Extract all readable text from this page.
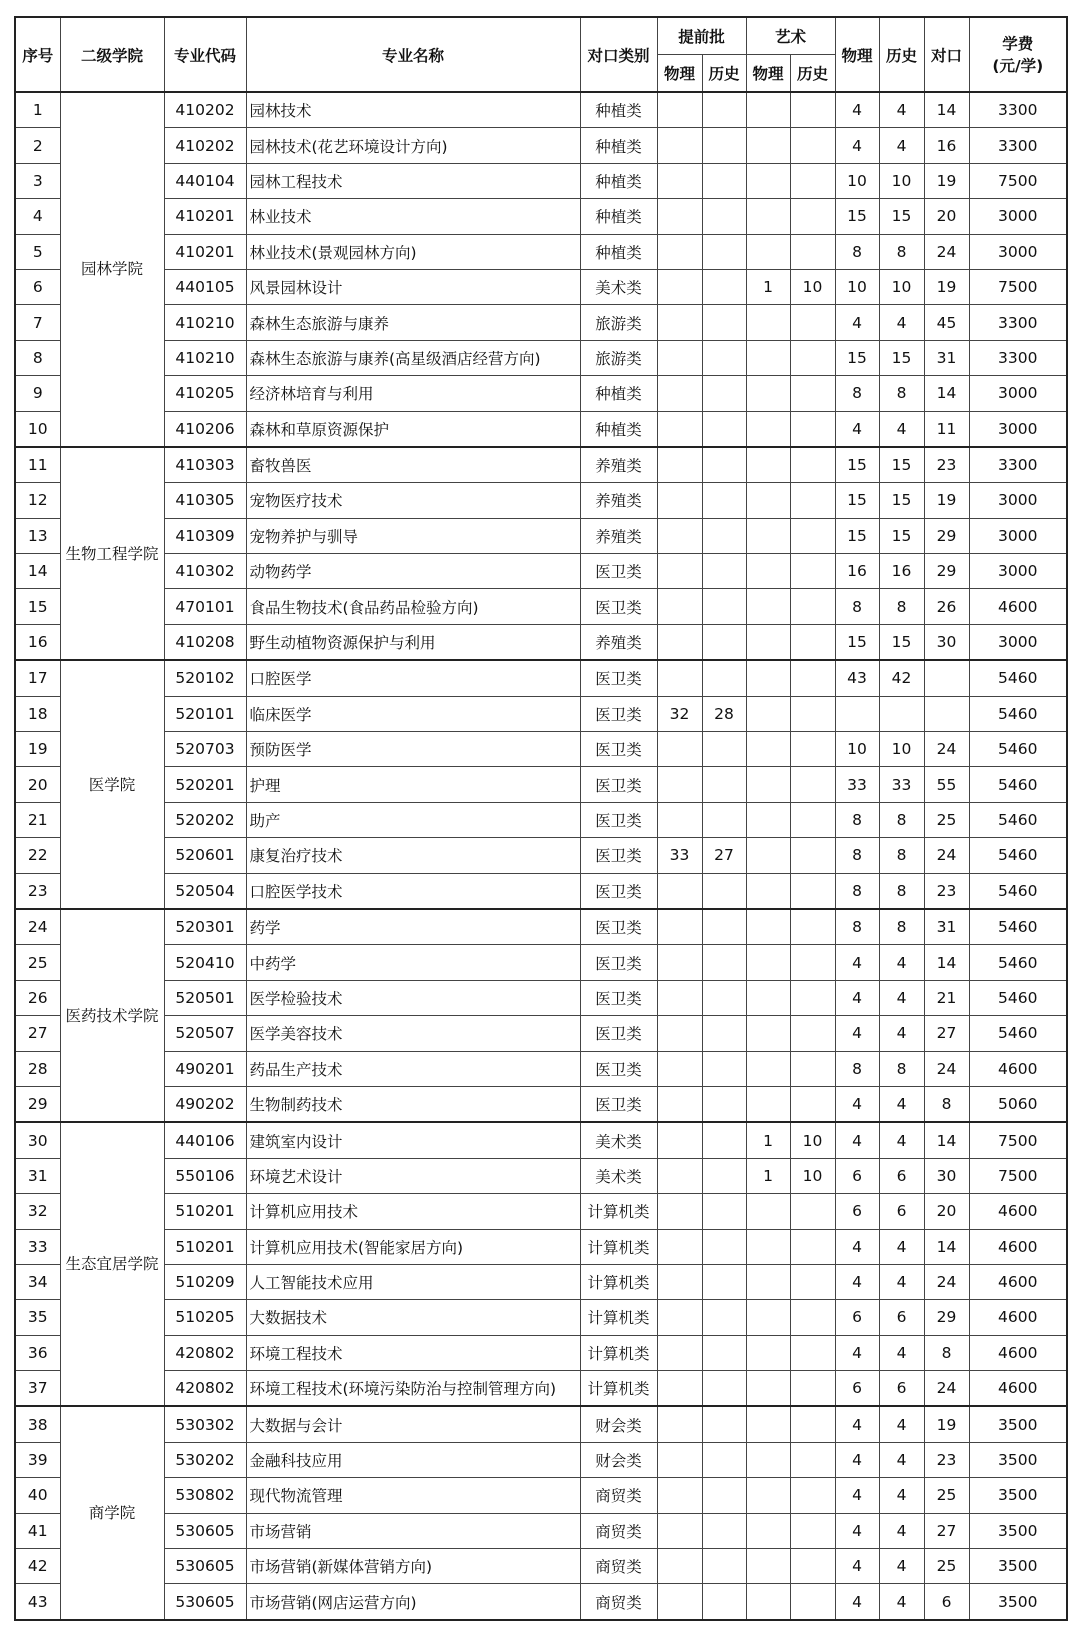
序号	二级学院	专业代码	专业名称	对口类别	提前批		艺术		物理	历史	对口	学费
(元/学)

					物理	历史	物理	历史				
1	园林学院	410202	园林技术	种植类					4	4	14	3300
2		410202	园林技术(花艺环境设计方向)	种植类					4	4	16	3300
3		440104	园林工程技术	种植类					10	10	19	7500
4		410201	林业技术	种植类					15	15	20	3000
5		410201	林业技术(景观园林方向)	种植类					8	8	24	3000
6		440105	风景园林设计	美术类			1	10	10	10	19	7500
7		410210	森林生态旅游与康养	旅游类					4	4	45	3300
8		410210	森林生态旅游与康养(高星级酒店经营方向)	旅游类					15	15	31	3300
9		410205	经济林培育与利用	种植类					8	8	14	3000
10		410206	森林和草原资源保护	种植类					4	4	11	3000
11	生物工程学院	410303	畜牧兽医	养殖类					15	15	23	3300
12		410305	宠物医疗技术	养殖类					15	15	19	3000
13		410309	宠物养护与驯导	养殖类					15	15	29	3000
14		410302	动物药学	医卫类					16	16	29	3000
15		470101	食品生物技术(食品药品检验方向)	医卫类					8	8	26	4600
16		410208	野生动植物资源保护与利用	养殖类					15	15	30	3000
17	医学院	520102	口腔医学	医卫类					43	42		5460
18		520101	临床医学	医卫类	32	28						5460
19		520703	预防医学	医卫类					10	10	24	5460
20		520201	护理	医卫类					33	33	55	5460
21		520202	助产	医卫类					8	8	25	5460
22		520601	康复治疗技术	医卫类	33	27			8	8	24	5460
23		520504	口腔医学技术	医卫类					8	8	23	5460
24	医药技术学院	520301	药学	医卫类					8	8	31	5460
25		520410	中药学	医卫类					4	4	14	5460
26		520501	医学检验技术	医卫类					4	4	21	5460
27		520507	医学美容技术	医卫类					4	4	27	5460
28		490201	药品生产技术	医卫类					8	8	24	4600
29		490202	生物制药技术	医卫类					4	4	8	5060
30	生态宜居学院	440106	建筑室内设计	美术类			1	10	4	4	14	7500
31		550106	环境艺术设计	美术类			1	10	6	6	30	7500
32		510201	计算机应用技术	计算机类					6	6	20	4600
33		510201	计算机应用技术(智能家居方向)	计算机类					4	4	14	4600
34		510209	人工智能技术应用	计算机类					4	4	24	4600
35		510205	大数据技术	计算机类					6	6	29	4600
36		420802	环境工程技术	计算机类					4	4	8	4600
37		420802	环境工程技术(环境污染防治与控制管理方向)	计算机类					6	6	24	4600
38	商学院	530302	大数据与会计	财会类					4	4	19	3500
39		530202	金融科技应用	财会类					4	4	23	3500
40		530802	现代物流管理	商贸类					4	4	25	3500
41		530605	市场营销	商贸类					4	4	27	3500
42		530605	市场营销(新媒体营销方向)	商贸类					4	4	25	3500
43		530605	市场营销(网店运营方向)	商贸类					4	4	6	3500
